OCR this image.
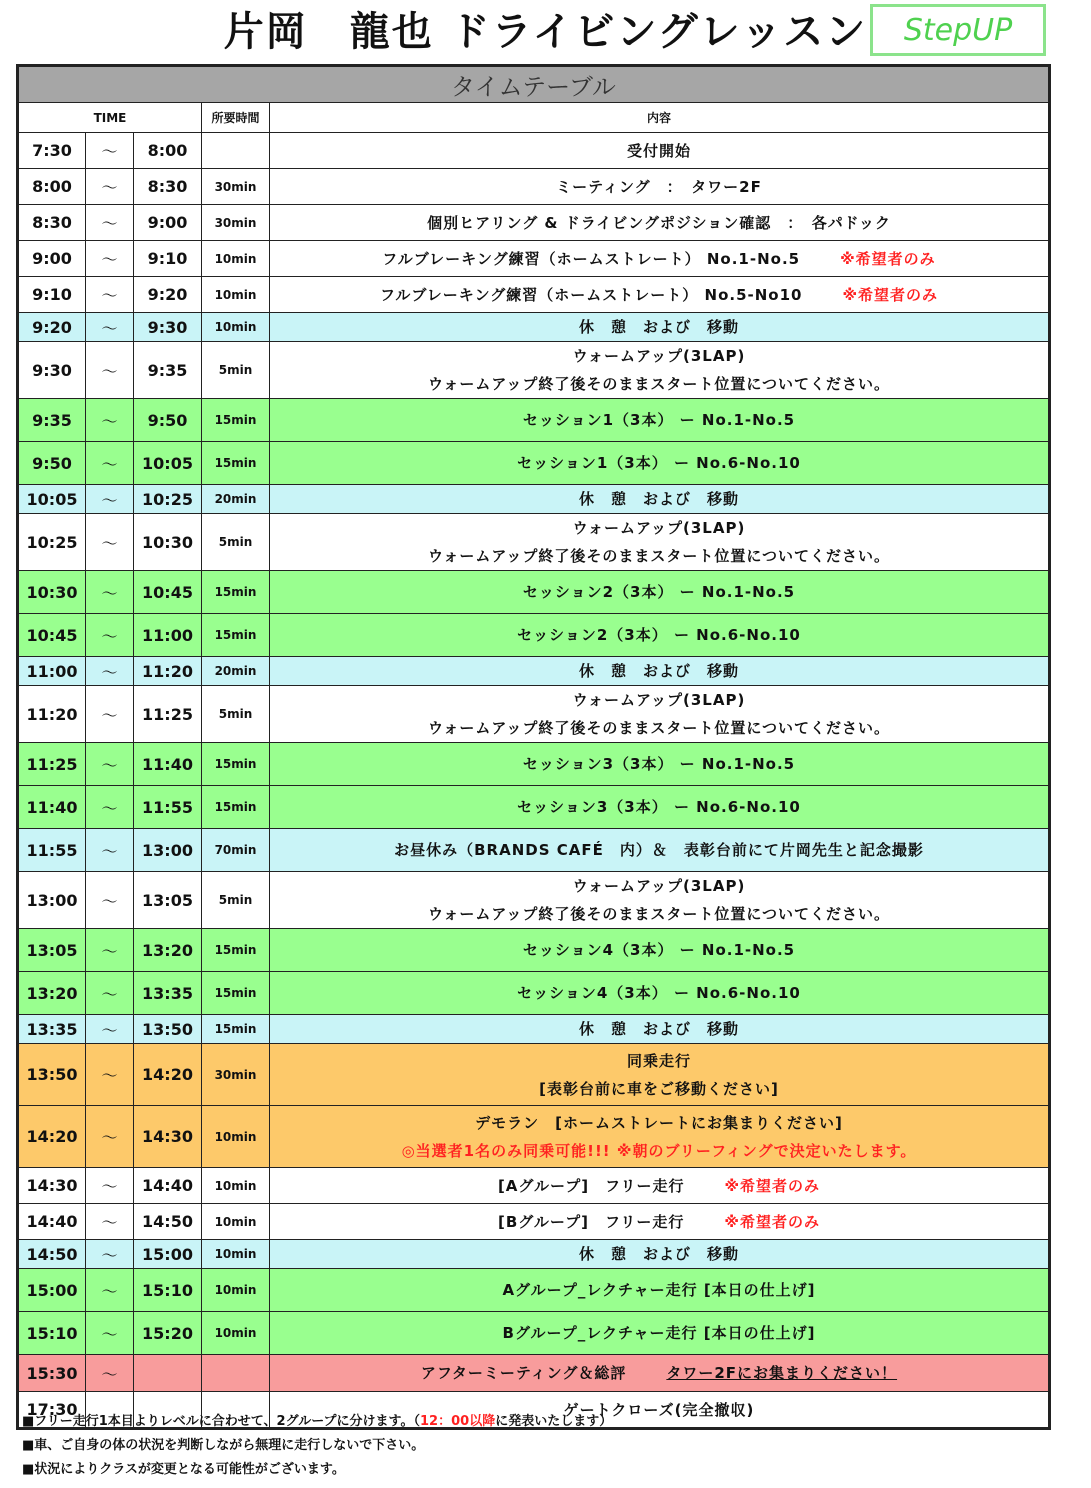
片岡　龍也 ドライビングレッスン	StepUP
タイムテーブル				
TIME			所要時間	内容
7:30	～	8:00		受付開始
8:00	～	8:30	30min	ミーティング　：　タワー2F
8:30	～	9:00	30min	個別ヒアリング & ドライビングポジション確認　：　各パドック
9:00	～	9:10	10min	フルブレーキング練習（ホームストレート） No.1-No.5 ※希望者のみ
9:10	～	9:20	10min	フルブレーキング練習（ホームストレート） No.5-No10 ※希望者のみ
9:20	～	9:30	10min	休　憩　および　移動
9:30	～	9:35	5min	ウォームアップ(3LAP)
ウォームアップ終了後そのままスタート位置についてください。

9:35	～	9:50	15min	セッション1（3本） ー No.1-No.5
9:50	～	10:05	15min	セッション1（3本） ー No.6-No.10
10:05	～	10:25	20min	休　憩　および　移動
10:25	～	10:30	5min	ウォームアップ(3LAP)
ウォームアップ終了後そのままスタート位置についてください。

10:30	～	10:45	15min	セッション2（3本） ー No.1-No.5
10:45	～	11:00	15min	セッション2（3本） ー No.6-No.10
11:00	～	11:20	20min	休　憩　および　移動
11:20	～	11:25	5min	ウォームアップ(3LAP)
ウォームアップ終了後そのままスタート位置についてください。

11:25	～	11:40	15min	セッション3（3本） ー No.1-No.5
11:40	～	11:55	15min	セッション3（3本） ー No.6-No.10
11:55	～	13:00	70min	お昼休み（BRANDS CAFÉ　内）＆　表彰台前にて片岡先生と記念撮影
13:00	～	13:05	5min	ウォームアップ(3LAP)
ウォームアップ終了後そのままスタート位置についてください。

13:05	～	13:20	15min	セッション4（3本） ー No.1-No.5
13:20	～	13:35	15min	セッション4（3本） ー No.6-No.10
13:35	～	13:50	15min	休　憩　および　移動
13:50	～	14:20	30min	同乗走行
[表彰台前に車をご移動ください]

14:20	～	14:30	10min	デモラン　[ホームストレートにお集まりください]
◎当選者1名のみ同乗可能!!! ※朝のブリーフィングで決定いたします。

14:30	～	14:40	10min	[Aグループ]　フリー走行 ※希望者のみ
14:40	～	14:50	10min	[Bグループ]　フリー走行 ※希望者のみ
14:50	～	15:00	10min	休　憩　および　移動
15:00	～	15:10	10min	Aグループ_レクチャー走行 [本日の仕上げ]
15:10	～	15:20	10min	Bグループ_レクチャー走行 [本日の仕上げ]
15:30	～			アフターミーティング＆総評 タワー2Fにお集まりください！
17:30				ゲートクローズ(完全撤収)
■フリー走行1本目よりレベルに合わせて、2グループに分けます。（12：00以降に発表いたします）
■車、ご自身の体の状況を判断しながら無理に走行しないで下さい。
■状況によりクラスが変更となる可能性がございます。
